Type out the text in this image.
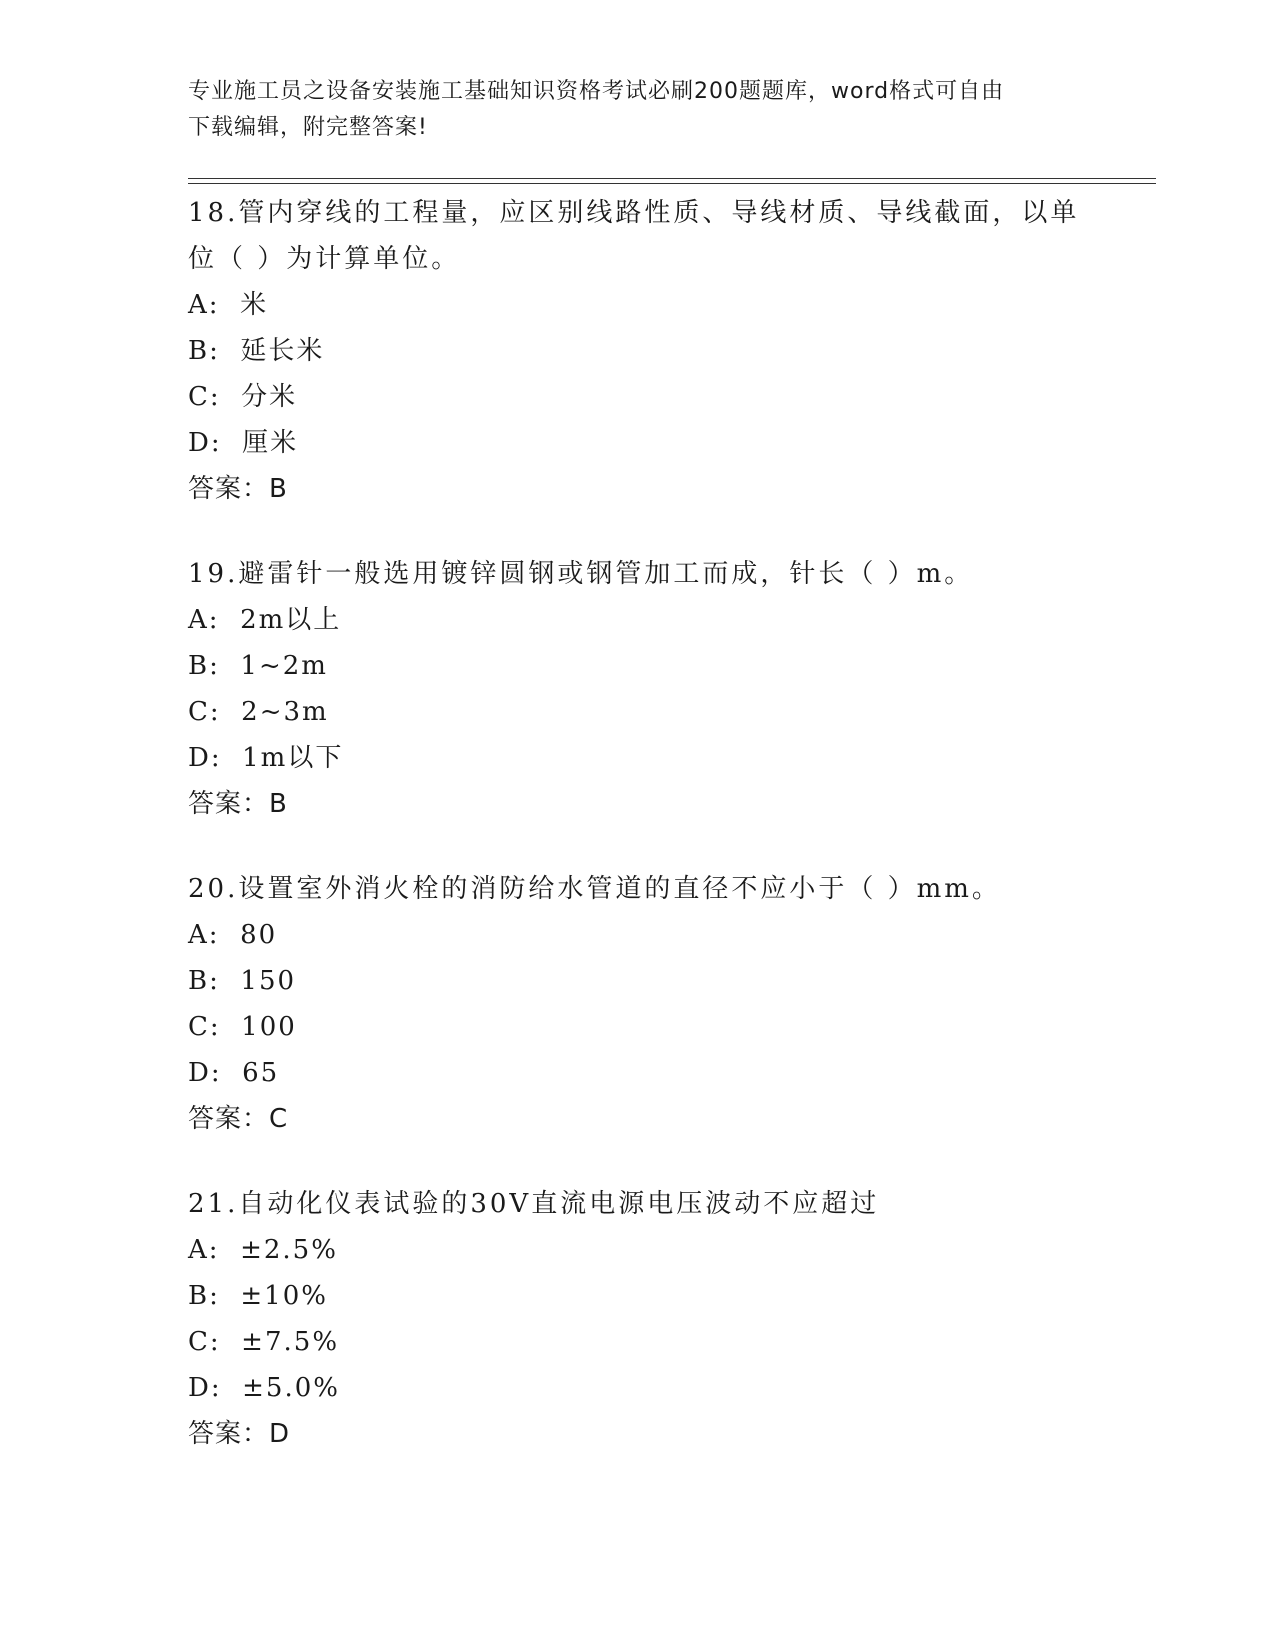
专业施工员之设备安装施工基础知识资格考试必刷200题题库，word格式可自由
下载编辑，附完整答案!
18.管内穿线的工程量，应区别线路性质、导线材质、导线截面，以单
位（ ）为计算单位。
A:  米
B:  延长米
C:  分米
D:  厘米
答案：B
19.避雷针一般选用镀锌圆钢或钢管加工而成，针长（ ）m。
A:  2m以上
B:  1~2m
C:  2~3m
D:  1m以下
答案：B
20.设置室外消火栓的消防给水管道的直径不应小于（ ）mm。
A:  80
B:  150
C:  100
D:  65
答案：C
21.自动化仪表试验的30V直流电源电压波动不应超过
A:  ±2.5%
B:  ±10%
C:  ±7.5%
D:  ±5.0%
答案：D
